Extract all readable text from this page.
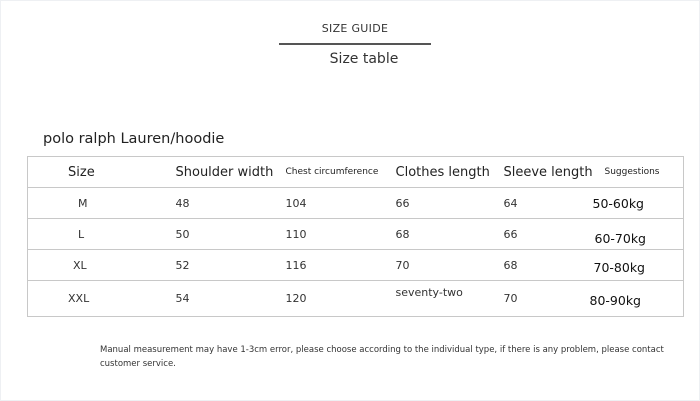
SIZE GUIDE
Size table
polo ralph Lauren/hoodie
Size	Shoulder width	Chest circumference	Clothes length	Sleeve length	Suggestions
M	48	104	66	64	50-60kg
L	50	110	68	66	60-70kg
XL	52	116	70	68	70-80kg
XXL	54	120	seventy-two	70	80-90kg
Manual measurement may have 1-3cm error, please choose according to the individual type, if there is any problem, please contact customer service.
